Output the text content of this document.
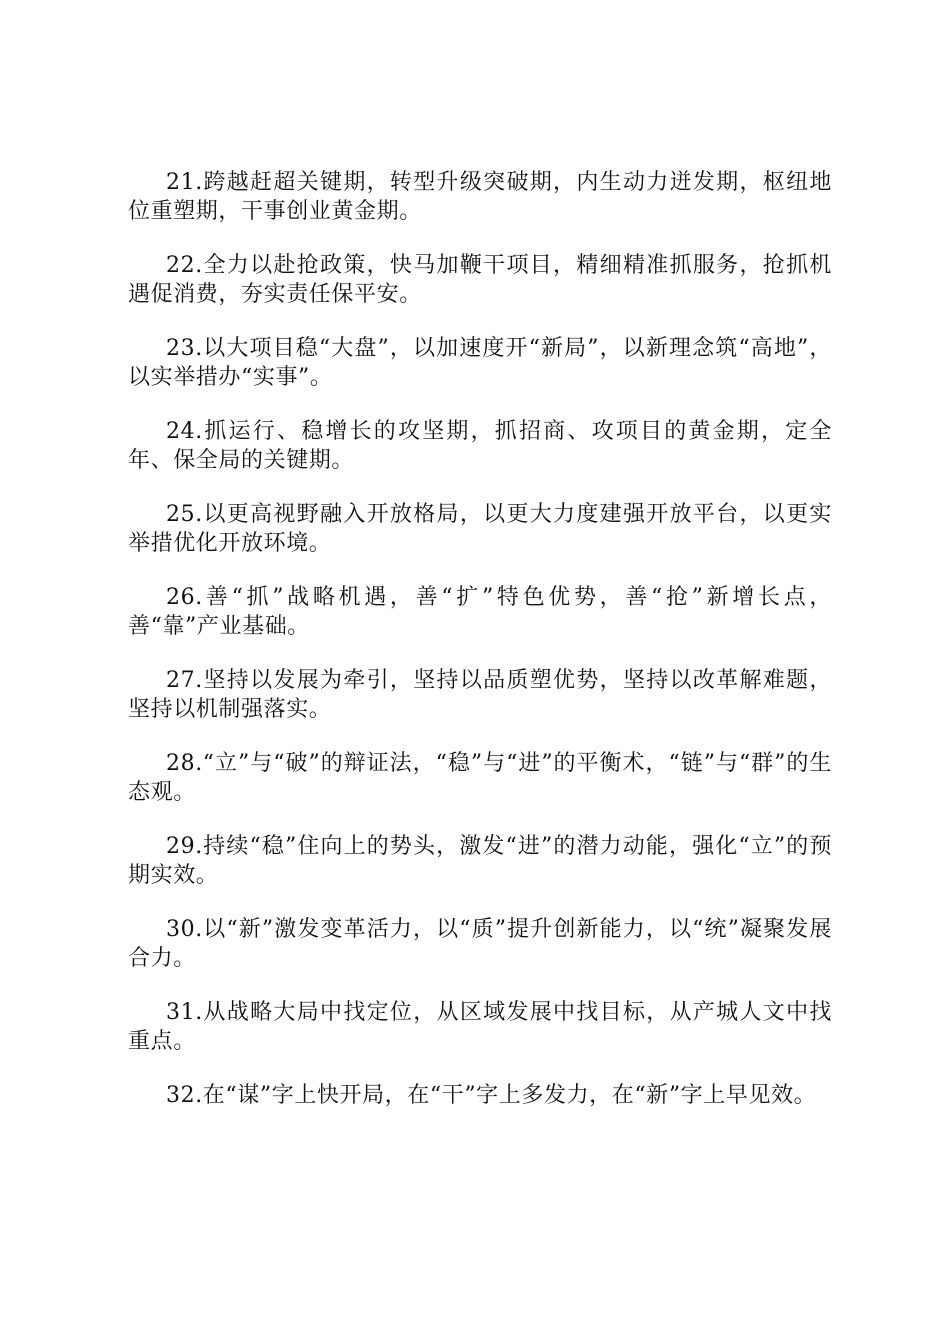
21.跨越赶超关键期，转型升级突破期，内生动力迸发期，枢纽地位重塑期，干事创业黄金期。

22.全力以赴抢政策，快马加鞭干项目，精细精准抓服务，抢抓机遇促消费，夯实责任保平安。

23.以大项目稳“大盘”，以加速度开“新局”，以新理念筑“高地”，以实举措办“实事”。

24.抓运行、稳增长的攻坚期，抓招商、攻项目的黄金期，定全年、保全局的关键期。

25.以更高视野融入开放格局，以更大力度建强开放平台，以更实举措优化开放环境。

26.善“抓”战略机遇，善“扩”特色优势，善“抢”新增长点，善“靠”产业基础。

27.坚持以发展为牵引，坚持以品质塑优势，坚持以改革解难题，坚持以机制强落实。

28.“立”与“破”的辩证法，“稳”与“进”的平衡术，“链”与“群”的生态观。

29.持续“稳”住向上的势头，激发“进”的潜力动能，强化“立”的预期实效。

30.以“新”激发变革活力，以“质”提升创新能力，以“统”凝聚发展合力。

31.从战略大局中找定位，从区域发展中找目标，从产城人文中找重点。

32.在“谋”字上快开局，在“干”字上多发力，在“新”字上早见效。
